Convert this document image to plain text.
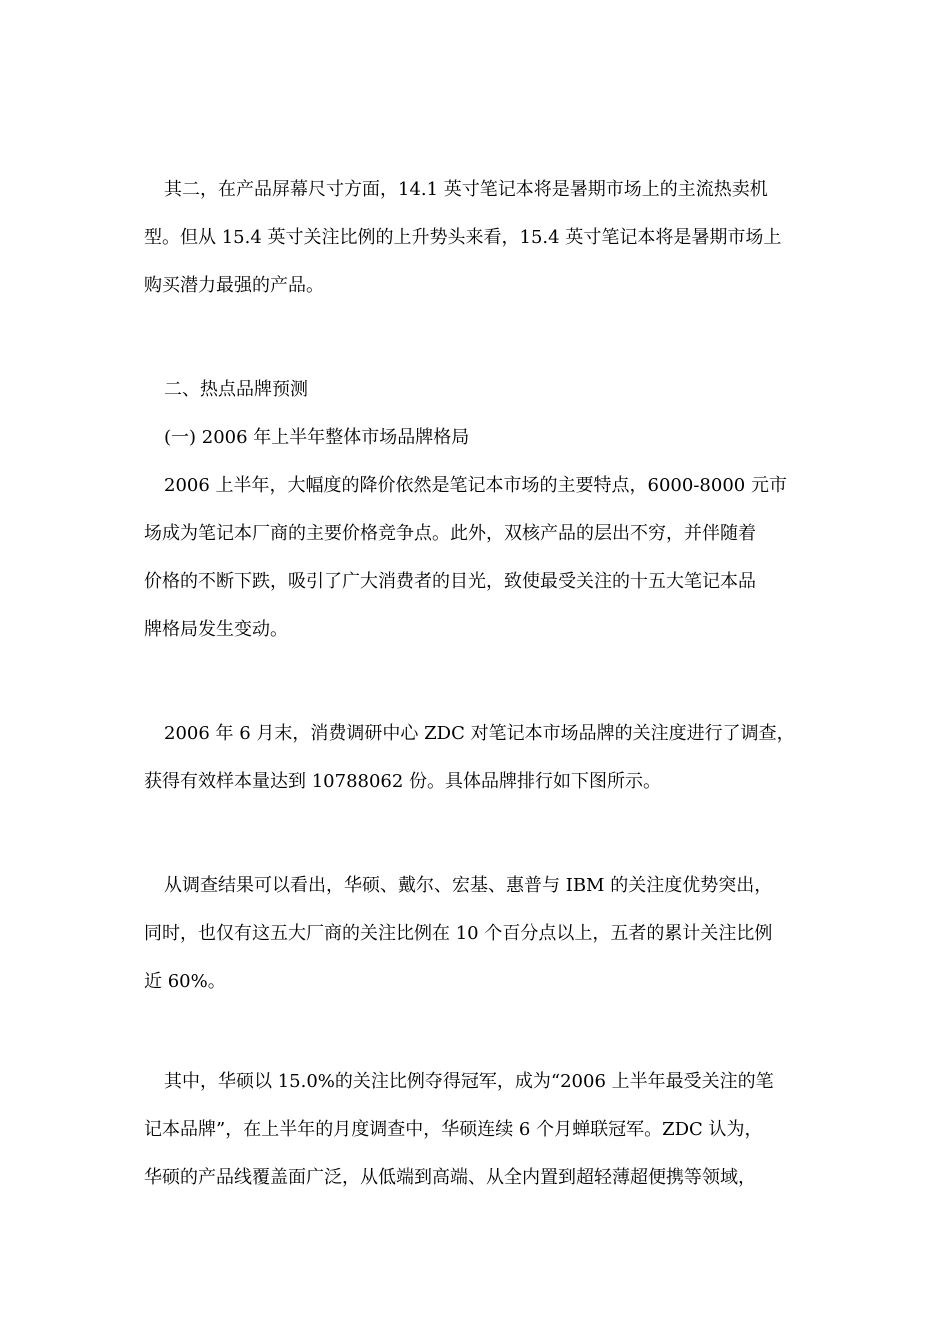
其二，在产品屏幕尺寸方面，14.1 英寸笔记本将是暑期市场上的主流热卖机
型。但从 15.4 英寸关注比例的上升势头来看，15.4 英寸笔记本将是暑期市场上
购买潜力最强的产品。
二、热点品牌预测
(一) 2006 年上半年整体市场品牌格局
2006 上半年，大幅度的降价依然是笔记本市场的主要特点，6000-8000 元市
场成为笔记本厂商的主要价格竞争点。此外，双核产品的层出不穷，并伴随着
价格的不断下跌，吸引了广大消费者的目光，致使最受关注的十五大笔记本品
牌格局发生变动。
2006 年 6 月末，消费调研中心 ZDC 对笔记本市场品牌的关注度进行了调查，
获得有效样本量达到 10788062 份。具体品牌排行如下图所示。
从调查结果可以看出，华硕、戴尔、宏基、惠普与 IBM 的关注度优势突出，
同时，也仅有这五大厂商的关注比例在 10 个百分点以上，五者的累计关注比例
近 60%。
其中，华硕以 15.0%的关注比例夺得冠军，成为“2006 上半年最受关注的笔
记本品牌”，在上半年的月度调查中，华硕连续 6 个月蝉联冠军。ZDC 认为，
华硕的产品线覆盖面广泛，从低端到高端、从全内置到超轻薄超便携等领域，
